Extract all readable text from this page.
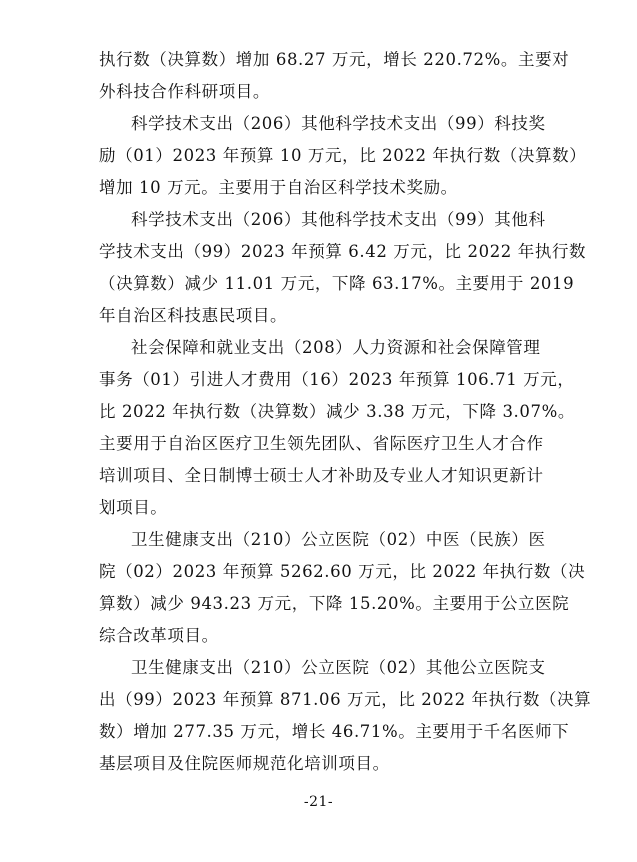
执行数（决算数）增加 68.27 万元，增长 220.72%。主要对
外科技合作科研项目。
科学技术支出（206）其他科学技术支出（99）科技奖
励（01）2023 年预算 10 万元，比 2022 年执行数（决算数）
增加 10 万元。主要用于自治区科学技术奖励。
科学技术支出（206）其他科学技术支出（99）其他科
学技术支出（99）2023 年预算 6.42 万元，比 2022 年执行数
（决算数）减少 11.01 万元，下降 63.17%。主要用于 2019
年自治区科技惠民项目。
社会保障和就业支出（208）人力资源和社会保障管理
事务（01）引进人才费用（16）2023 年预算 106.71 万元，
比 2022 年执行数（决算数）减少 3.38 万元，下降 3.07%。
主要用于自治区医疗卫生领先团队、省际医疗卫生人才合作
培训项目、全日制博士硕士人才补助及专业人才知识更新计
划项目。
卫生健康支出（210）公立医院（02）中医（民族）医
院（02）2023 年预算 5262.60 万元，比 2022 年执行数（决
算数）减少 943.23 万元，下降 15.20%。主要用于公立医院
综合改革项目。
卫生健康支出（210）公立医院（02）其他公立医院支
出（99）2023 年预算 871.06 万元，比 2022 年执行数（决算
数）增加 277.35 万元，增长 46.71%。主要用于千名医师下
基层项目及住院医师规范化培训项目。
-21-
